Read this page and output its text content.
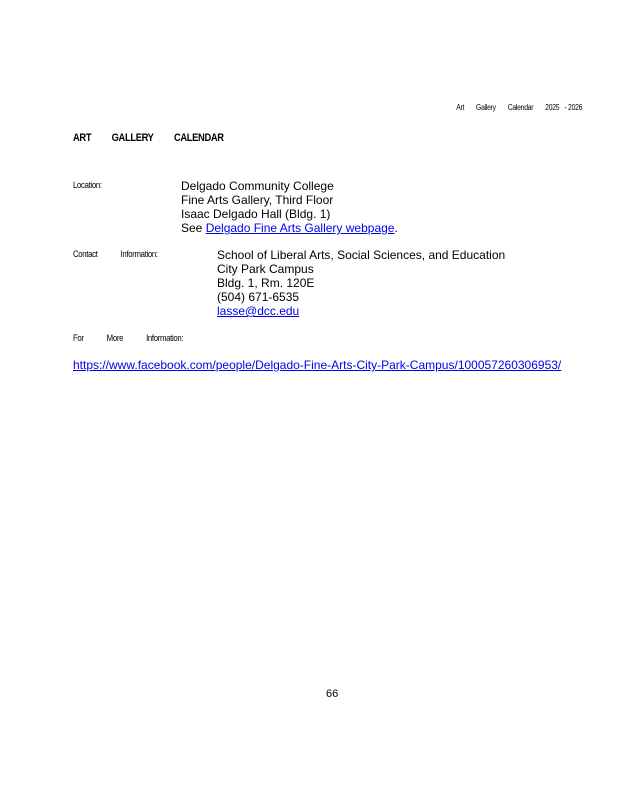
Art Gallery Calendar 2025 - 2026
ART GALLERY CALENDAR
Location:	Delgado Community College
Fine Arts Gallery, Third Floor
Isaac Delgado Hall (Bldg. 1)
See Delgado Fine Arts Gallery webpage.
Contact Information:	School of Liberal Arts, Social Sciences, and Education
City Park Campus
Bldg. 1, Rm. 120E
(504) 671-6535
lasse@dcc.edu
For More Information:
https://www.facebook.com/people/Delgado-Fine-Arts-City-Park-Campus/100057260306953/
66
